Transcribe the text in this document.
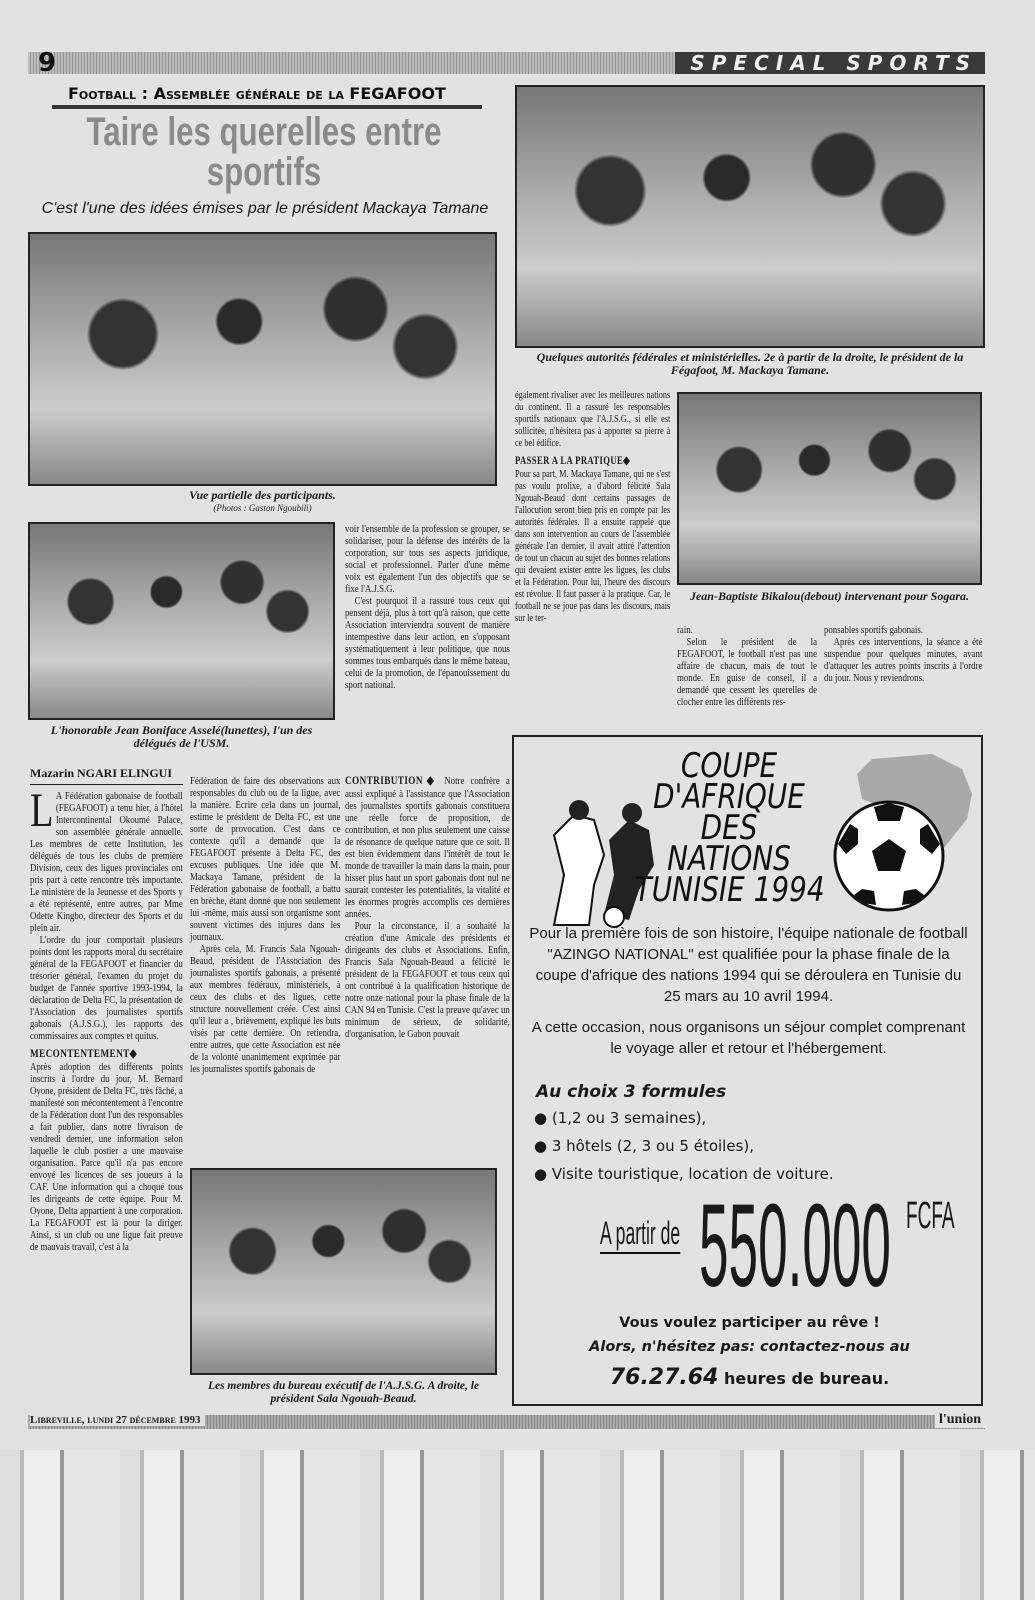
9	SPECIAL SPORTS
Football : Assemblée générale de la FEGAFOOT
Taire les querelles entre sportifs
C'est l'une des idées émises par le président Mackaya Tamane
Vue partielle des participants.
(Photos : Gaston Ngoubili)
L'honorable Jean Boniface Asselé(lunettes), l'un des délégués de l'USM.

voir l'ensemble de la profession se grouper, se solidariser, pour la défense des intérêts de la corporation, sur tous ses aspects juridique, social et professionnel. Parler d'une même voix est également l'un des objectifs que se fixe l'A.J.S.G.

C'est pourquoi il a rassuré tous ceux qui pensent déjà, plus à tort qu'à raison, que cette Association interviendra souvent de manière intempestive dans leur action, en s'opposant systématiquement à leur politique, que nous sommes tous embarqués dans le même bateau, celui de la promotion, de l'épanouissement du sport national.

Quelques autorités fédérales et ministérielles. 2e à partir de la droite, le président de la Fégafoot, M. Mackaya Tamane.

également rivaliser avec les meilleures nations du continent. Il a rassuré les responsables sportifs nationaux que l'A.J.S.G., si elle est sollicitée, n'hésitera pas à apporter sa pierre à ce bel édifice.

PASSER A LA PRATIQUE◆

Pour sa part, M. Mackaya Tamane, qui ne s'est pas voulu prolixe, a d'abord félicité Sala Ngouah-Beaud dont certains passages de l'allocution seront bien pris en compte par les autorités fédérales. Il a ensuite rappelé que dans son intervention au cours de l'assemblée générale l'an dernier, il avait attiré l'attention de tout un chacun au sujet des bonnes relations qui devaient exister entre les ligues, les clubs et la Fédération. Pour lui, l'heure des discours est révolue. Il faut passer à la pratique. Car, le football ne se joue pas dans les discours, mais sur le ter-

Jean-Baptiste Bikalou(debout) intervenant pour Sogara.

rain.

Selon le président de la FEGAFOOT, le football n'est pas une affaire de chacun, mais de tout le monde. En guise de conseil, il a demandé que cessent les querelles de clocher entre les différents res-

ponsables sportifs gabonais.

Après ces interventions, la séance a été suspendue pour quelques minutes, avant d'attaquer les autres points inscrits à l'ordre du jour. Nous y reviendrons.

Mazarin NGARI ELINGUI

L A Fédération gabonaise de football (FEGAFOOT) a tenu hier, à l'hôtel Intercontinental Okoumé Palace, son assemblée générale annuelle. Les membres de cette Institution, les délégués de tous les clubs de première Division, ceux des ligues provinciales ont pris part à cette rencontre très importante. Le ministère de la Jeunesse et des Sports y a été représenté, entre autres, par Mme Odette Kingbo, directeur des Sports et du plein air.

L'ordre du jour comportait plusieurs points dont les rapports moral du secrétaire général de la FEGAFOOT et financier du trésorier général, l'examen du projet du budget de l'année sportive 1993-1994, la déclaration de Delta FC, la présentation de l'Association des journalistes sportifs gabonais (A.J.S.G.), les rapports des commissaires aux comptes et quitus.

MECONTENTEMENT◆

Après adoption des différents points inscrits à l'ordre du jour, M. Bernard Oyone, président de Delta FC, très fâché, a manifesté son mécontentement à l'encontre de la Fédération dont l'un des responsables a fait publier, dans notre livraison de vendredi dernier, une information selon laquelle le club postier a une mauvaise organisation. Parce qu'il n'a pas encore envoyé les licences de ses joueurs à la CAF. Une information qui a choqué tous les dirigeants de cette équipe. Pour M. Oyone, Delta appartient à une corporation. La FEGAFOOT est là pour la diriger. Ainsi, si un club ou une ligue fait preuve de mauvais travail, c'est à la

Fédération de faire des observations aux responsables du club ou de la ligue, avec la manière. Ecrire cela dans un journal, estime le président de Delta FC, est une sorte de provocation. C'est dans ce contexte qu'il a demandé que la FEGAFOOT présente à Delta FC, des excuses publiques. Une idée que M. Mackaya Tamane, président de la Fédération gabonaise de football, a battu en brèche, étant donné que non seulement lui -même, mais aussi son organisme sont souvent victimes des injures dans les journaux.

Après cela, M. Francis Sala Ngouah-Beaud, président de l'Association des journalistes sportifs gabonais, a présenté aux membres fédéraux, ministériels, à ceux des clubs et des ligues, cette structure nouvellement créée. C'est ainsi qu'il leur a , brièvement, expliqué les buts visés par cette dernière. On retiendra, entre autres, que cette Association est née de la volonté unanimement exprimée par les journalistes sportifs gabonais de

CONTRIBUTION◆ Notre confrère a aussi expliqué à l'assistance que l'Association des journalistes sportifs gabonais constituera une réelle force de proposition, de contribution, et non plus seulement une caisse de résonance de quelque nature que ce soit. Il est bien évidemment dans l'intérêt de tout le monde de travailler la main dans la main, pour hisser plus haut un sport gabonais dont nul ne saurait contester les potentialités, la vitalité et les énormes progrès accomplis ces dernières années.

Pour la circonstance, il a souhaité la création d'une Amicale des présidents et dirigeants des clubs et Associations. Enfin, Francis Sala Ngouah-Beaud a félicité le président de la FEGAFOOT et tous ceux qui ont contribué à la qualification historique de notre onze national pour la phase finale de la CAN 94 en Tunisie. C'est la preuve qu'avec un minimum de sérieux, de solidarité, d'organisation, le Gabon pouvait

Les membres du bureau exécutif de l'A.J.S.G. A droite, le président Sala Ngouah-Beaud.
COUPE
D'AFRIQUE
DES
NATIONS
TUNISIE 1994
Pour la première fois de son histoire, l'équipe nationale de football "AZINGO NATIONAL" est qualifiée pour la phase finale de la coupe d'afrique des nations 1994 qui se déroulera en Tunisie du 25 mars au 10 avril 1994.
A cette occasion, nous organisons un séjour complet comprenant le voyage aller et retour et l'hébergement.
Au choix 3 formules
● (1,2 ou 3 semaines),
● 3 hôtels (2, 3 ou 5 étoiles),
● Visite touristique, location de voiture.
A partir de 550.000 FCFA
Vous voulez participer au rêve !
Alors, n'hésitez pas: contactez-nous au
76.27.64 heures de bureau.
Libreville, lundi 27 décembre 1993	l'union
